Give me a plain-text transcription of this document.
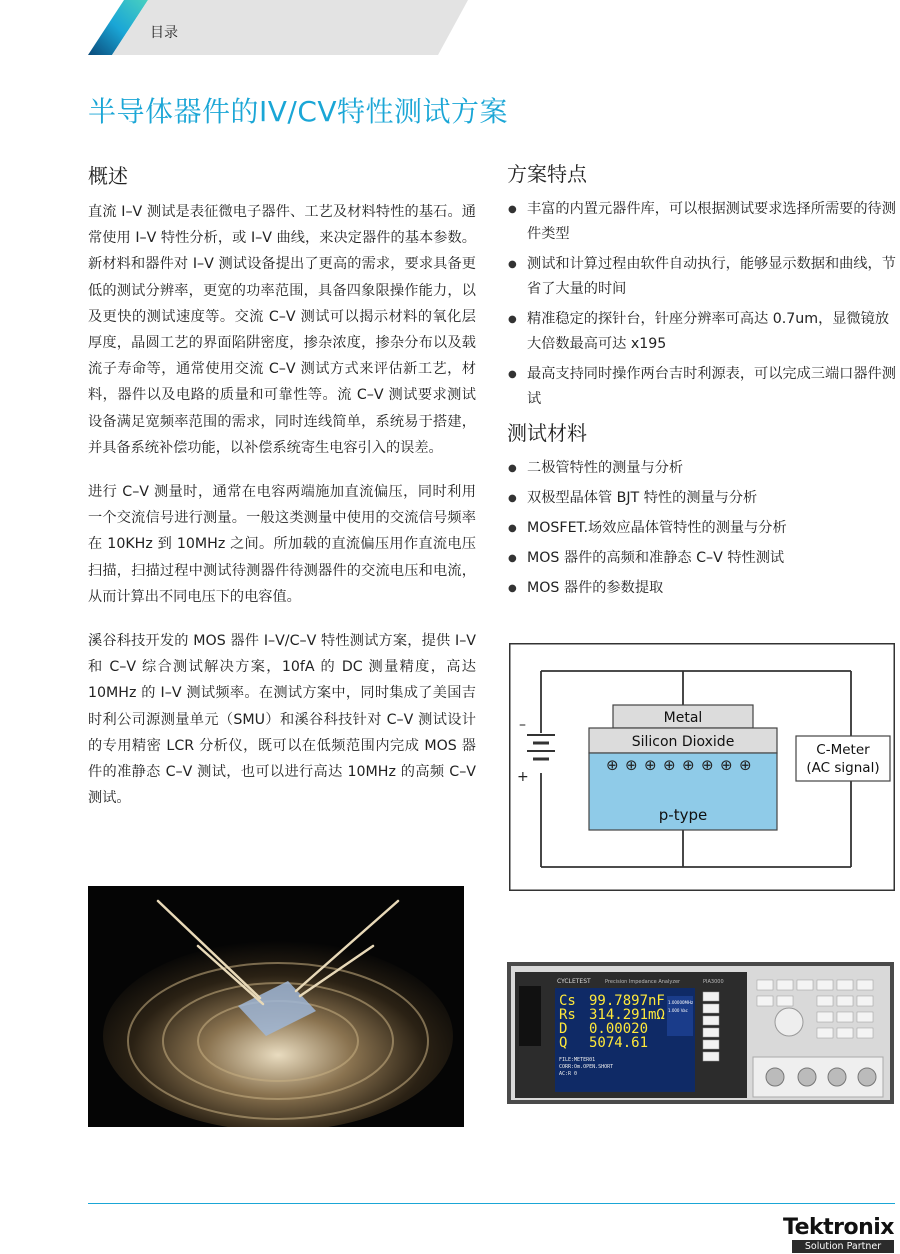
目录
半导体器件的IV/CV特性测试方案
概述

直流 I–V 测试是表征微电子器件、工艺及材料特性的基石。通常使用 I–V 特性分析，或 I–V 曲线，来决定器件的基本参数。新材料和器件对 I–V 测试设备提出了更高的需求，要求具备更低的测试分辨率，更宽的功率范围，具备四象限操作能力，以及更快的测试速度等。交流 C–V 测试可以揭示材料的氧化层厚度，晶圆工艺的界面陷阱密度，掺杂浓度，掺杂分布以及载流子寿命等，通常使用交流 C–V 测试方式来评估新工艺，材料，器件以及电路的质量和可靠性等。流 C–V 测试要求测试设备满足宽频率范围的需求，同时连线简单，系统易于搭建，并具备系统补偿功能，以补偿系统寄生电容引入的误差。

进行 C–V 测量时，通常在电容两端施加直流偏压，同时利用一个交流信号进行测量。一般这类测量中使用的交流信号频率在 10KHz 到 10MHz 之间。所加载的直流偏压用作直流电压扫描，扫描过程中测试待测器件待测器件的交流电压和电流，从而计算出不同电压下的电容值。

溪谷科技开发的 MOS 器件 I–V/C–V 特性测试方案，提供 I–V 和 C–V 综合测试解决方案，10fA 的 DC 测量精度，高达 10MHz 的 I–V 测试频率。在测试方案中，同时集成了美国吉时利公司源测量单元（SMU）和溪谷科技针对 C–V 测试设计的专用精密 LCR 分析仪，既可以在低频范围内完成 MOS 器件的准静态 C–V 测试，也可以进行高达 10MHz 的高频 C–V 测试。

方案特点
● 丰富的内置元器件库，可以根据测试要求选择所需要的待测件类型
● 测试和计算过程由软件自动执行，能够显示数据和曲线，节省了大量的时间
● 精准稳定的探针台，针座分辨率可高达 0.7um，显微镜放大倍数最高可达 x195
● 最高支持同时操作两台吉时利源表，可以完成三端口器件测试
测试材料
● 二极管特性的测量与分析
● 双极型晶体管 BJT 特性的测量与分析
● MOSFET.场效应晶体管特性的测量与分析
● MOS 器件的高频和准静态 C–V 特性测试
● MOS 器件的参数提取
–
+
Metal
Silicon Dioxide
⊕ ⊕ ⊕ ⊕ ⊕ ⊕ ⊕ ⊕
p-type
C-Meter
(AC signal)
CYCLETEST	Precision Impedance Analyzer	PIA3000
Cs 99.7897nF
Rs 314.291mΩ
D 0.00020
Q 5074.61
FILE:METER01
CORR:Om.OPEN.SHORT
AC:R 0
1.00000MHz
1.000 Vac
Tektronix
Solution Partner
